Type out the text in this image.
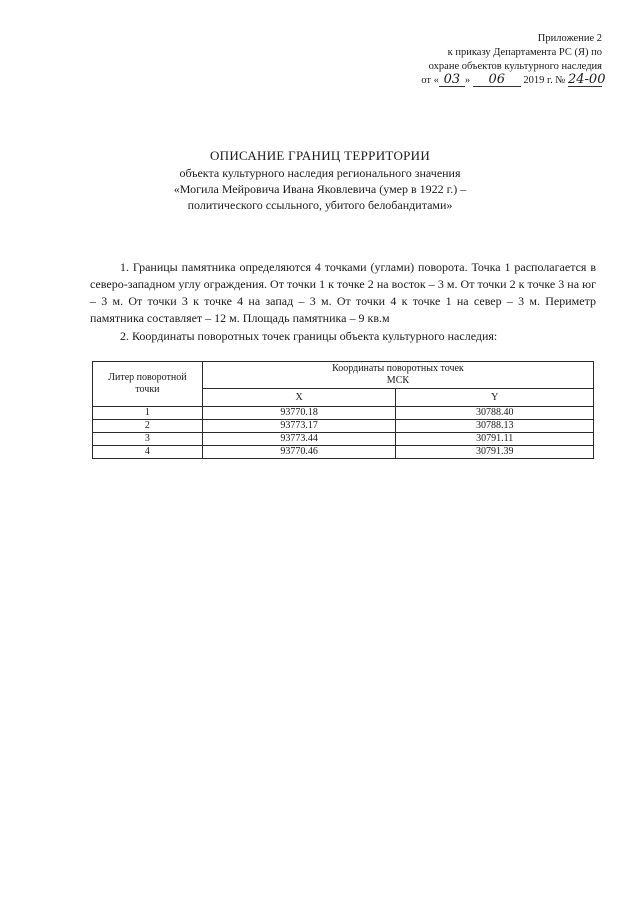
Приложение 2
к приказу Департамента РС (Я) по
охране объектов культурного наследия
от « 03 » 06 2019 г. № 24-00
ОПИСАНИЕ ГРАНИЦ ТЕРРИТОРИИ
объекта культурного наследия регионального значения
«Могила Мейровича Ивана Яковлевича (умер в 1922 г.) –
политического ссыльного, убитого белобандитами»
1. Границы памятника определяются 4 точками (углами) поворота. Точка 1 располагается в северо-западном углу ограждения. От точки 1 к точке 2 на восток – 3 м. От точки 2 к точке 3 на юг – 3 м. От точки 3 к точке 4 на запад – 3 м. От точки 4 к точке 1 на север – 3 м. Периметр памятника составляет – 12 м. Площадь памятника – 9 кв.м
2. Координаты поворотных точек границы объекта культурного наследия:
Литер поворотной точки	Координаты поворотных точек
МСК	

	X	Y
1	93770.18	30788.40
2	93773.17	30788.13
3	93773.44	30791.11
4	93770.46	30791.39
